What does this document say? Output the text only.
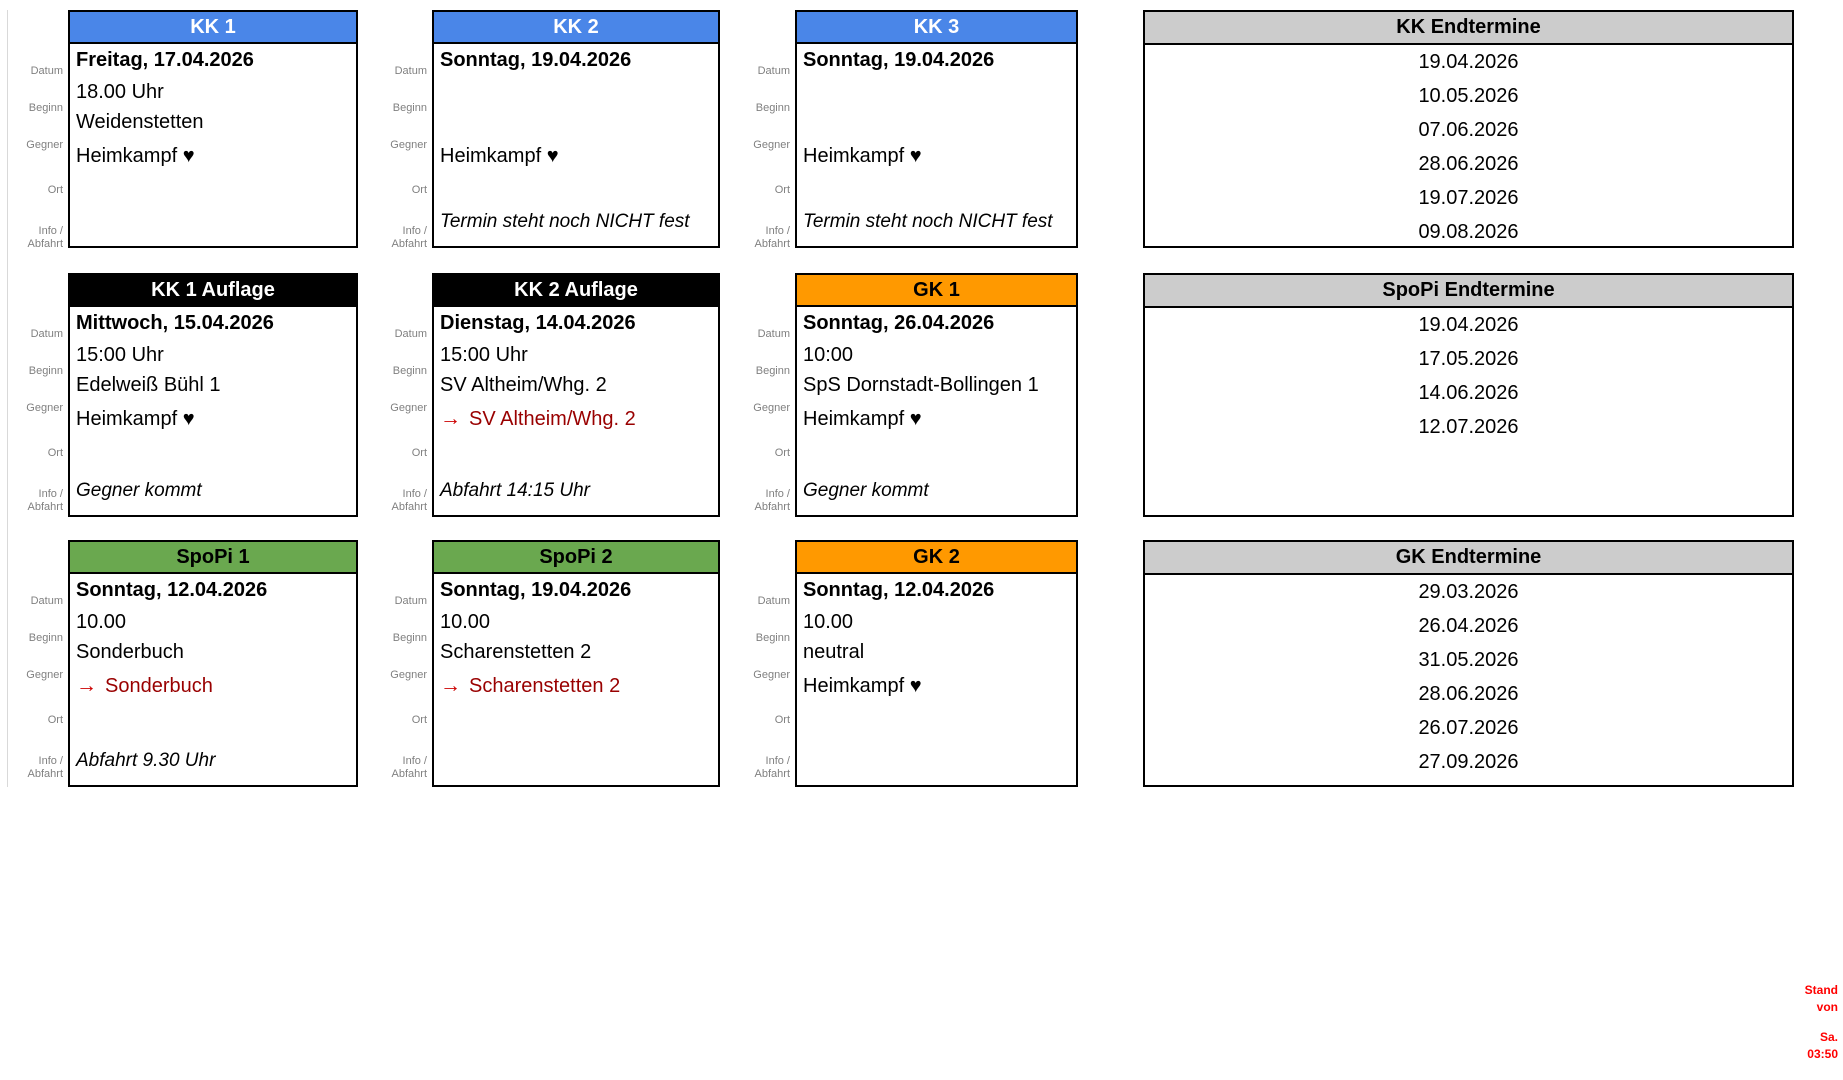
Datum
Beginn
Gegner
Ort
Info /
Abfahrt
KK 1
Freitag, 17.04.2026
18.00 Uhr
Weidenstetten
Heimkampf ♥
Datum
Beginn
Gegner
Ort
Info /
Abfahrt
KK 2
Sonntag, 19.04.2026
Heimkampf ♥
Termin steht noch NICHT fest
Datum
Beginn
Gegner
Ort
Info /
Abfahrt
KK 3
Sonntag, 19.04.2026
Heimkampf ♥
Termin steht noch NICHT fest
KK Endtermine
19.04.2026
10.05.2026
07.06.2026
28.06.2026
19.07.2026
09.08.2026
Datum
Beginn
Gegner
Ort
Info /
Abfahrt
KK 1 Auflage
Mittwoch, 15.04.2026
15:00 Uhr
Edelweiß Bühl 1
Heimkampf ♥
Gegner kommt
Datum
Beginn
Gegner
Ort
Info /
Abfahrt
KK 2 Auflage
Dienstag, 14.04.2026
15:00 Uhr
SV Altheim/Whg. 2
→ SV Altheim/Whg. 2
Abfahrt 14:15 Uhr
Datum
Beginn
Gegner
Ort
Info /
Abfahrt
GK 1
Sonntag, 26.04.2026
10:00
SpS Dornstadt-Bollingen 1
Heimkampf ♥
Gegner kommt
SpoPi Endtermine
19.04.2026
17.05.2026
14.06.2026
12.07.2026
Datum
Beginn
Gegner
Ort
Info /
Abfahrt
SpoPi 1
Sonntag, 12.04.2026
10.00
Sonderbuch
→ Sonderbuch
Abfahrt 9.30 Uhr
Datum
Beginn
Gegner
Ort
Info /
Abfahrt
SpoPi 2
Sonntag, 19.04.2026
10.00
Scharenstetten 2
→ Scharenstetten 2
Datum
Beginn
Gegner
Ort
Info /
Abfahrt
GK 2
Sonntag, 12.04.2026
10.00
neutral
Heimkampf ♥
GK Endtermine
29.03.2026
26.04.2026
31.05.2026
28.06.2026
26.07.2026
27.09.2026
Stand von
Sa. 03:50
